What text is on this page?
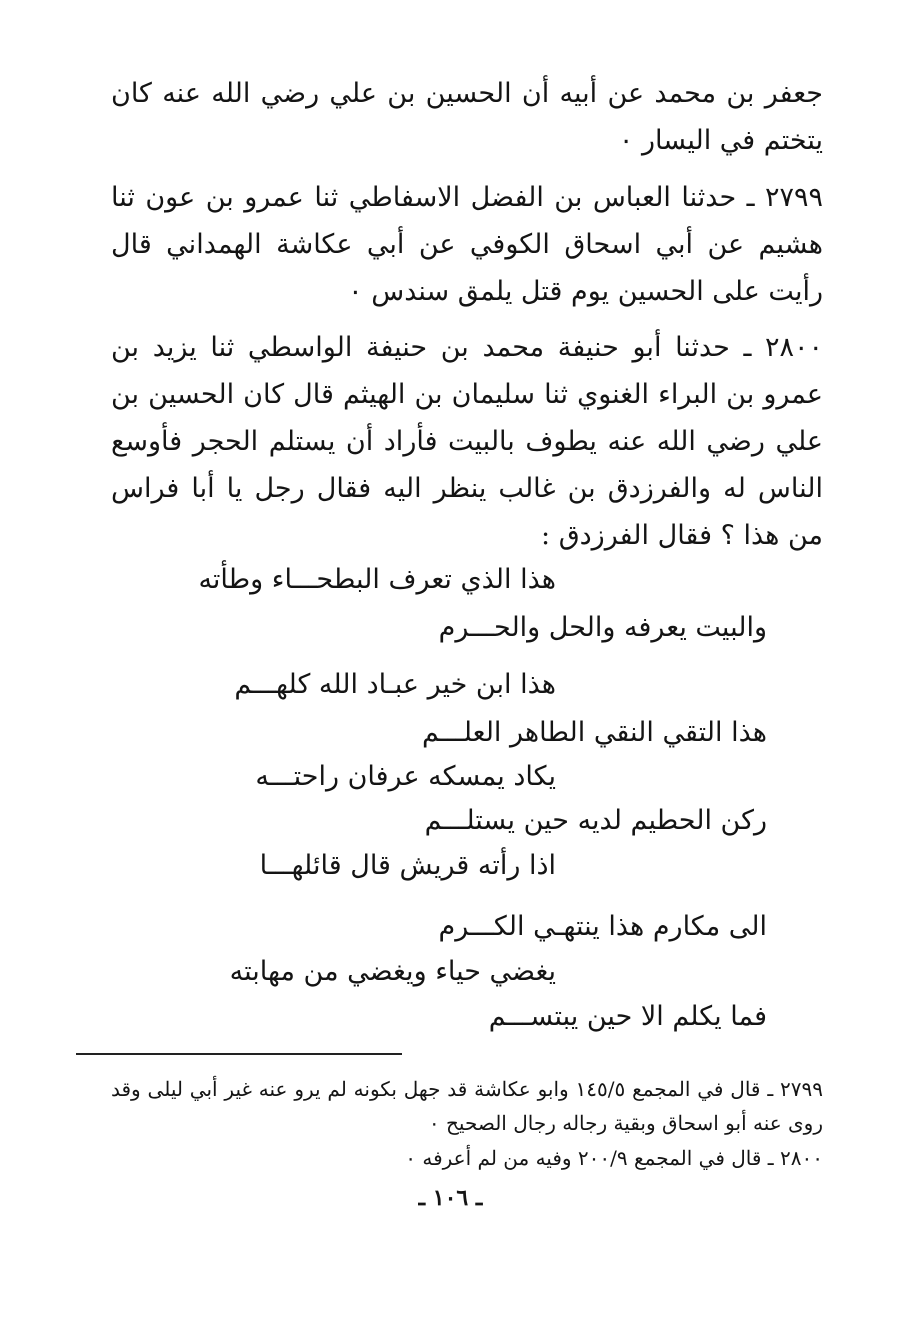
جعفر بن محمد عن أبيه أن الحسين بن علي رضي الله عنه كان يتختم في اليسار ٠

٢٧٩٩ ـ حدثنا العباس بن الفضل الاسفاطي ثنا عمرو بن عون ثنا هشيم عن أبي اسحاق الكوفي عن أبي عكاشة الهمداني قال رأيت على الحسين يوم قتل يلمق سندس ٠

٢٨٠٠ ـ حدثنا أبو حنيفة محمد بن حنيفة الواسطي ثنا يزيد بن عمرو بن البراء الغنوي ثنا سليمان بن الهيثم قال كان الحسين بن علي رضي الله عنه يطوف بالبيت فأراد أن يستلم الحجر فأوسع الناس له والفرزدق بن غالب ينظر اليه فقال رجل يا أبا فراس من هذا ؟ فقال الفرزدق :

هذا الذي تعرف البطحـــاء وطأته

والبيت يعرفه والحل والحـــرم

هذا ابن خير عبـاد الله كلهـــم

هذا التقي النقي الطاهر العلـــم

يكاد يمسكه عرفان راحتـــه

ركن الحطيم لديه حين يستلـــم

اذا رأته قريش قال قائلهـــا

الى مكارم هذا ينتهـي الكـــرم

يغضي حياء ويغضي من مهابته

فما يكلم الا حين يبتســـم

٢٧٩٩ ـ قال في المجمع ١٤٥/٥ وابو عكاشة قد جهل بكونه لم يرو عنه غير أبي ليلى وقد روى عنه أبو اسحاق وبقية رجاله رجال الصحيح ٠

٢٨٠٠ ـ قال في المجمع ٢٠٠/٩ وفيه من لم أعرفه ٠

ـ ١٠٦ ـ
